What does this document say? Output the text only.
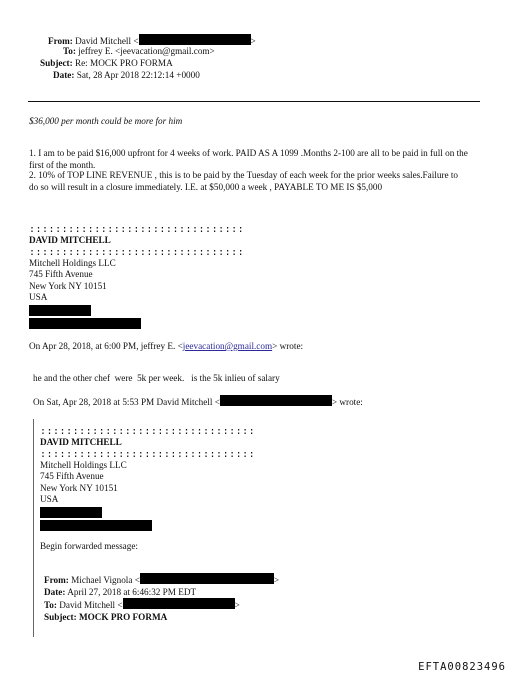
From: David Mitchell <	>
To: jeffrey E. <jeevacation@gmail.com>
Subject: Re: MOCK PRO FORMA
Date: Sat, 28 Apr 2018 22:12:14 +0000
$36,000 per month could be more for him
1. I am to be paid $16,000 upfront for 4 weeks of work. PAID AS A 1099 .Months 2-100 are all to be paid in full on the first of the month.
2. 10% of TOP LINE REVENUE , this is to be paid by the Tuesday of each week for the prior weeks sales.Failure to do so will result in a closure immediately. I.E. at $50,000 a week , PAYABLE TO ME IS $5,000
:::::::::::::::::::::::::::::::::
DAVID MITCHELL
:::::::::::::::::::::::::::::::::
Mitchell Holdings LLC
745 Fifth Avenue
New York NY 10151
USA
On Apr 28, 2018, at 6:00 PM, jeffrey E. <jeevacation@gmail.com> wrote:
he and the other chef  were  5k per week.   is the 5k inlieu of salary
On Sat, Apr 28, 2018 at 5:53 PM David Mitchell <	> wrote:
:::::::::::::::::::::::::::::::::
DAVID MITCHELL
:::::::::::::::::::::::::::::::::
Mitchell Holdings LLC
745 Fifth Avenue
New York NY 10151
USA
Begin forwarded message:
From: Michael Vignola <	>
Date: April 27, 2018 at 6:46:32 PM EDT
To: David Mitchell <	>
Subject: MOCK PRO FORMA
EFTA00823496
